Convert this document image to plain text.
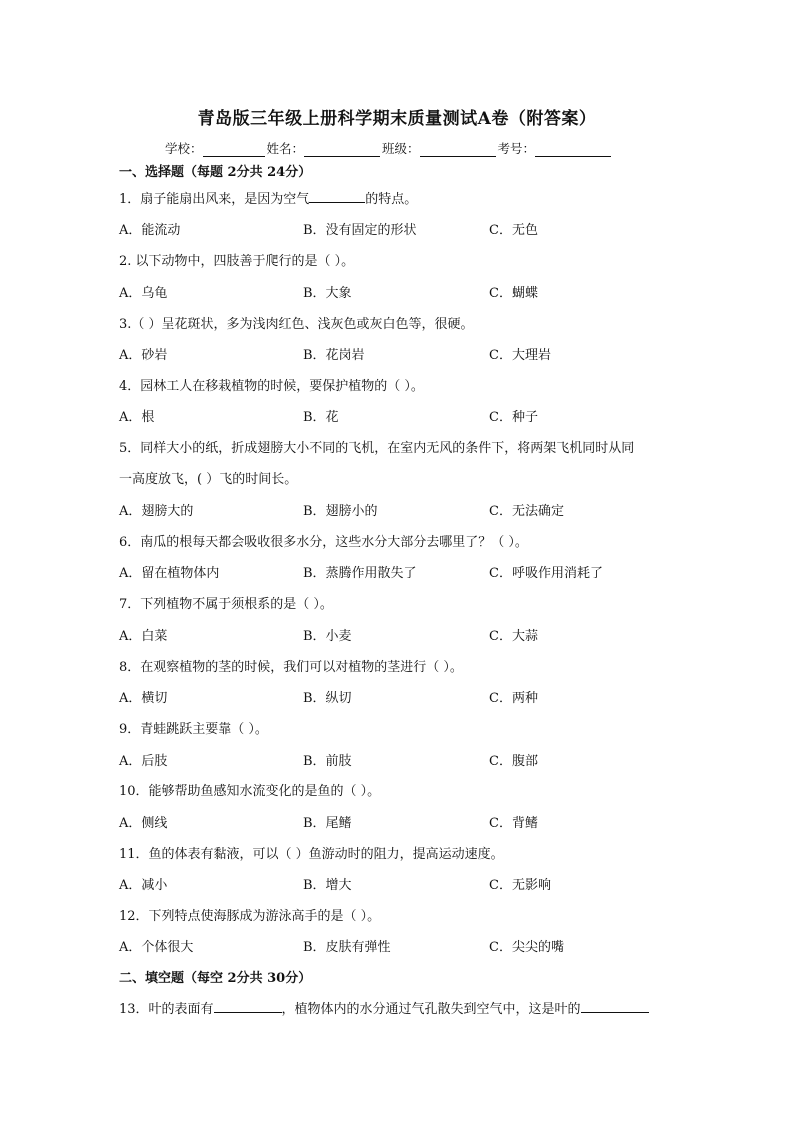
青岛版三年级上册科学期末质量测试A卷（附答案）
学校：	姓名：	班级：	考号：
一、选择题（每题 2分共 24分）
1．扇子能扇出风来，是因为空气	的特点。
A．能流动	B．没有固定的形状	C．无色
2. 以下动物中，四肢善于爬行的是（ ）。
A．乌龟	B．大象	C．蝴蝶
3.（ ）呈花斑状，多为浅肉红色、浅灰色或灰白色等，很硬。
A．砂岩	B．花岗岩	C．大理岩
4．园林工人在移栽植物的时候，要保护植物的（ ）。
A．根	B．花	C．种子
5．同样大小的纸，折成翅膀大小不同的飞机，在室内无风的条件下，将两架飞机同时从同
一高度放飞，( ）飞的时间长。
A．翅膀大的	B．翅膀小的	C．无法确定
6．南瓜的根每天都会吸收很多水分，这些水分大部分去哪里了？（ ）。
A．留在植物体内	B．蒸腾作用散失了	C．呼吸作用消耗了
7．下列植物不属于须根系的是（ ）。
A．白菜	B．小麦	C．大蒜
8．在观察植物的茎的时候，我们可以对植物的茎进行（ ）。
A．横切	B．纵切	C．两种
9．青蛙跳跃主要靠（ ）。
A．后肢	B．前肢	C．腹部
10．能够帮助鱼感知水流变化的是鱼的（ ）。
A．侧线	B．尾鳍	C．背鳍
11．鱼的体表有黏液，可以（ ）鱼游动时的阻力，提高运动速度。
A．减小	B．增大	C．无影响
12．下列特点使海豚成为游泳高手的是（ ）。
A．个体很大	B．皮肤有弹性	C．尖尖的嘴
二、填空题（每空 2分共 30分）
13．叶的表面有	，植物体内的水分通过气孔散失到空气中，这是叶的
